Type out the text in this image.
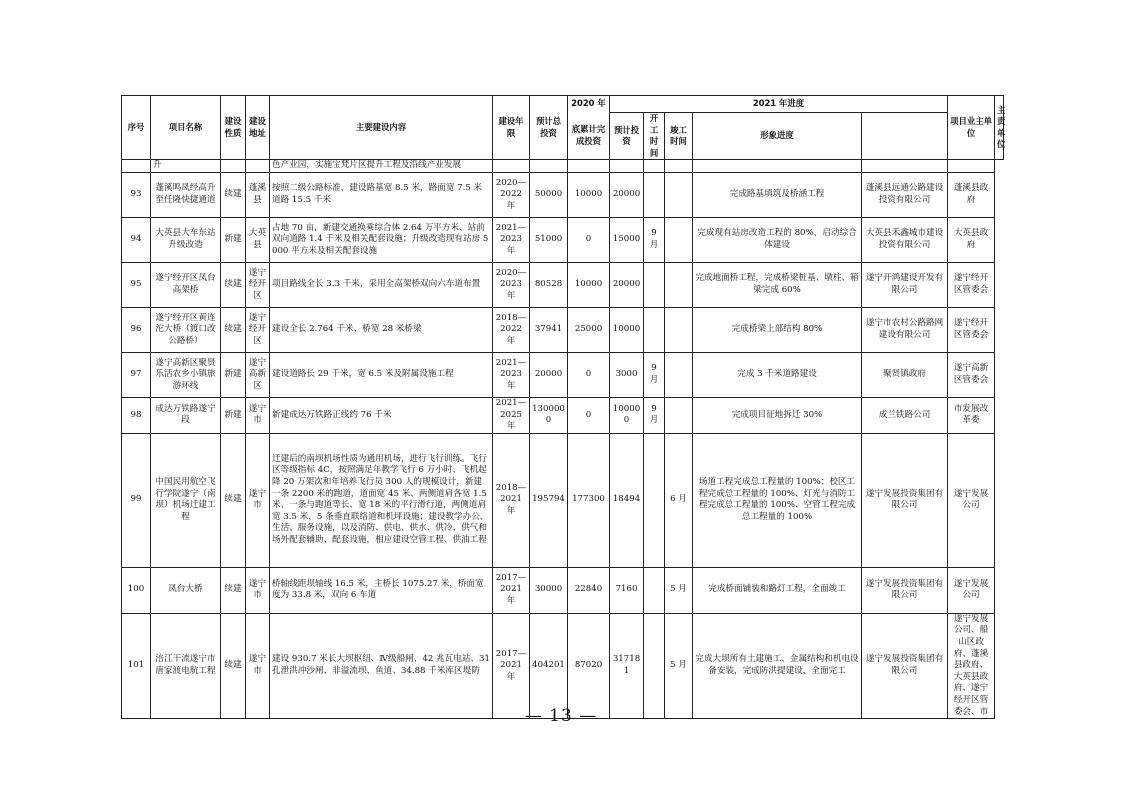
序号	项目名称	建设性质	建设地址	主要建设内容	建设年限	预计总投资	2020 年	2021 年进度					项目业主单位	主责单位
							底累计完成投资	预计投资	开工时间	竣工时间	形象进度			
	升			色产业园，实施宝梵片区提升工程及沿线产业发展										
93	蓬溪鸣凤经高升至任隆快捷通道	续建	蓬溪县	按照二级公路标准，建设路基宽 8.5 米，路面宽 7.5 米道路 15.5 千米	2020—2022 年	50000	10000	20000			完成路基填筑及桥涵工程	蓬溪县远通公路建设投资有限公司	蓬溪县政府	
94	大英县大车东站升级改造	新建	大英县	占地 70 亩，新建交通换乘综合体 2.64 万平方米、站前双向道路 1.4 千米及相关配套设施；升级改造现有站房 5000 平方米及相关配套设施	2021—2023 年	51000	0	15000	9 月		完成现有站房改造工程的 80%，启动综合体建设	大英县禾鑫城市建设投资有限公司	大英县政府	
95	遂宁经开区凤台高架桥	续建	遂宁经开区	项目路线全长 3.3 千米，采用全高架桥双向六车道布置	2020—2023 年	80528	10000	20000			完成地面桥工程，完成桥梁桩基、墩柱、箱梁完成 60%	遂宁开鸿建设开发有限公司	遂宁经开区管委会	
96	遂宁经开区黄连沱大桥（渡口改公路桥）	续建	遂宁经开区	建设全长 2.764 千米、桥宽 28 米桥梁	2018—2022 年	37941	25000	10000			完成桥梁上部结构 80%	遂宁市农村公路路网建设有限公司	遂宁经开区管委会	
97	遂宁高新区聚贤乐活农乡小镇旅游环线	新建	遂宁高新区	建设道路长 29 千米，宽 6.5 米及附属设施工程	2021—2023 年	20000	0	3000	9 月		完成 3 千米道路建设	聚贤镇政府	遂宁高新区管委会	
98	成达万铁路遂宁段	新建	遂宁市	新建成达万铁路正线约 76 千米	2021—2025 年	1300000	0	100000	9 月		完成项目征地拆迁 30%	成兰铁路公司	市发展改革委	
99	中国民用航空飞行学院遂宁（南坝）机场迁建工程	续建	遂宁市	迁建后的南坝机场性质为通用机场，进行飞行训练。飞行区等级指标 4C，按照满足年教学飞行 6 万小时、飞机起降 20 万架次和年培养飞行员 300 人的规模设计，新建一条 2200 米的跑道，道面宽 45 米、两侧道肩各宽 1.5 米、一条与跑道等长、宽 18 米的平行滑行道，两侧道肩宽 3.5 米，5 条垂直联络道和机坪设施；建设教学办公、生活、服务设施，以及消防、供电、供水、供冷、供气和场外配套辅助、配套设施，相应建设空管工程、供油工程	2018—2021 年	195794	177300	18494		6 月	场道工程完成总工程量的 100%；校区工程完成总工程量的 100%、灯光与消防工程完成总工程量的 100%、空管工程完成总工程量的 100%	遂宁发展投资集团有限公司	遂宁发展公司	
100	凤台大桥	续建	遂宁市	桥轴线距坝轴线 16.5 米，主桥长 1075.27 米，桥面宽度为 33.8 米，双向 6 车道	2017—2021 年	30000	22840	7160		5 月	完成桥面铺装和路灯工程，全面竣工	遂宁发展投资集团有限公司	遂宁发展公司	
101	涪江干流遂宁市唐家渡电航工程	续建	遂宁市	建设 930.7 米长大坝枢纽、Ⅳ级船闸、42 兆瓦电站、31 孔泄洪冲沙闸、非溢流坝、鱼道、34.88 千米库区堤防	2017—2021 年	404201	87020	317181		5 月	完成大坝所有土建施工、金属结构和机电设备安装，完成防洪提建设，全面完工	遂宁发展投资集团有限公司	遂宁发展公司、船山区政府、蓬溪县政府、大英县政府、遂宁经开区管委会、市	
— 13 —
